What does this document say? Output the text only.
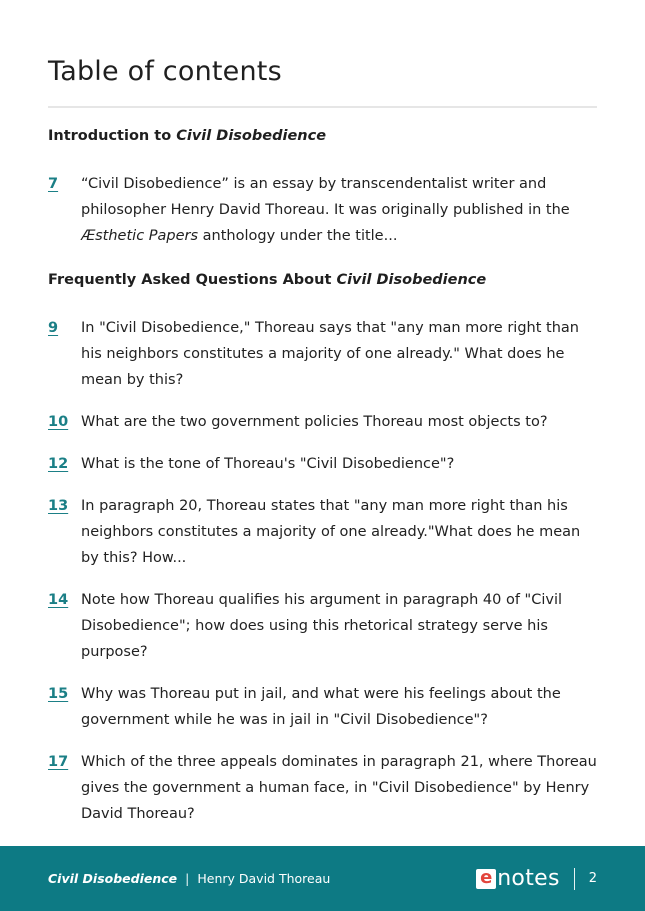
Table of contents
Introduction to Civil Disobedience
7	“Civil Disobedience” is an essay by transcendentalist writer and philosopher Henry David Thoreau. It was originally published in the Æsthetic Papers anthology under the title...
Frequently Asked Questions About Civil Disobedience
9	In "Civil Disobedience," Thoreau says that "any man more right than his neighbors constitutes a majority of one already." What does he mean by this?
10 What are the two government policies Thoreau most objects to?
12 What is the tone of Thoreau's "Civil Disobedience"?
13 In paragraph 20, Thoreau states that "any man more right than his neighbors constitutes a majority of one already."What does he mean by this? How...
14 Note how Thoreau qualifies his argument in paragraph 40 of "Civil Disobedience"; how does using this rhetorical strategy serve his purpose?
15 Why was Thoreau put in jail, and what were his feelings about the government while he was in jail in "Civil Disobedience"?
17 Which of the three appeals dominates in paragraph 21, where Thoreau gives the government a human face, in "Civil Disobedience" by Henry David Thoreau?
Civil Disobedience | Henry David Thoreau	e notes 2
